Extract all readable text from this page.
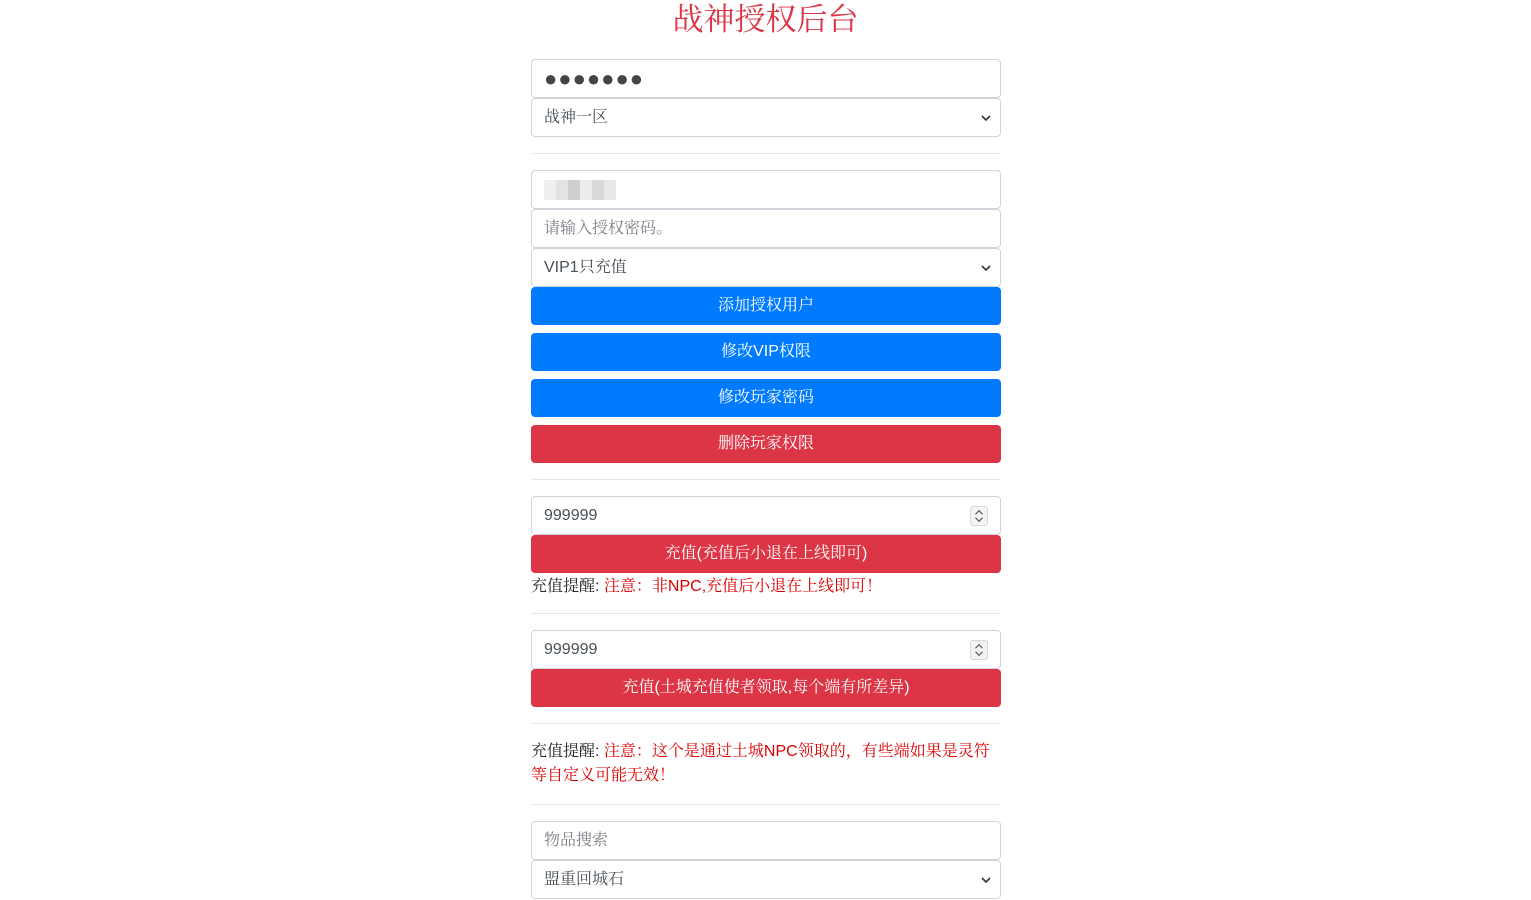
战神授权后台
●●●●●●●
战神一区
请输入授权密码。
VIP1只充值
添加授权用户
修改VIP权限
修改玩家密码
删除玩家权限
999999
充值(充值后小退在上线即可)
充值提醒: 注意：非NPC,充值后小退在上线即可！
999999
充值(土城充值使者领取,每个端有所差异)
充值提醒: 注意：这个是通过土城NPC领取的，有些端如果是灵符等自定义可能无效！
物品搜索
盟重回城石
